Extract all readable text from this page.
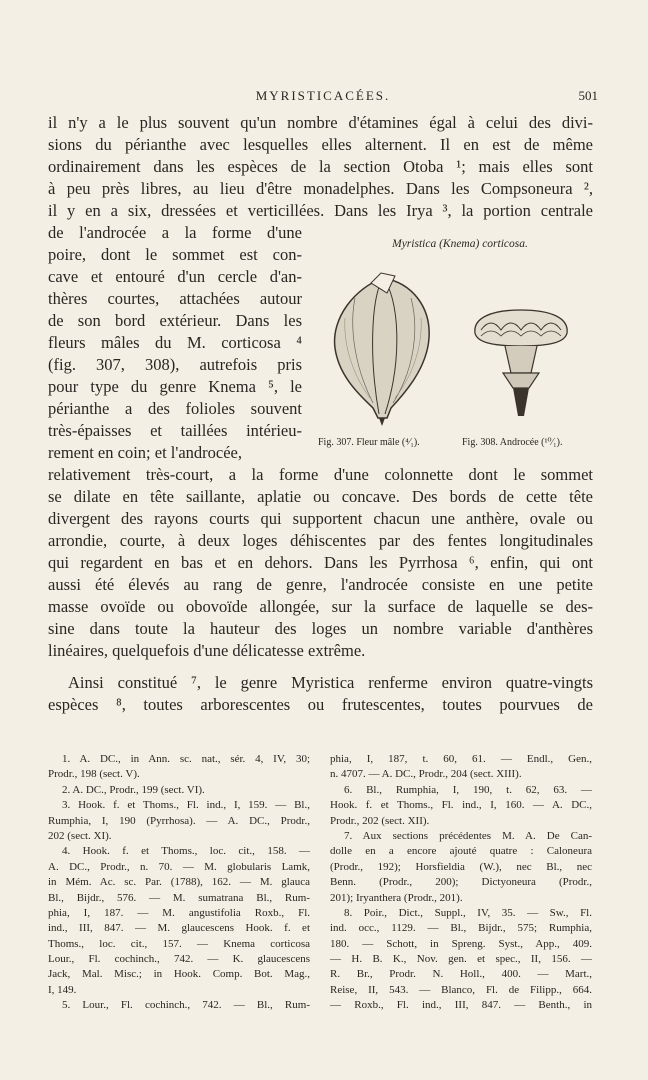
MYRISTICACÉES.	501
il n'y a le plus souvent qu'un nombre d'étamines égal à celui des divi-
sions du périanthe avec lesquelles elles alternent. Il en est de même
ordinairement dans les espèces de la section Otoba ¹; mais elles sont
à peu près libres, au lieu d'être monadelphes. Dans les Compsoneura ²,
il y en a six, dressées et verticillées. Dans les Irya ³, la portion centrale
de l'androcée a la forme d'une
poire, dont le sommet est con-
cave et entouré d'un cercle d'an-
thères courtes, attachées autour
de son bord extérieur. Dans les
fleurs mâles du M. corticosa ⁴
(fig. 307, 308), autrefois pris
pour type du genre Knema ⁵, le
périanthe a des folioles souvent
très-épaisses et taillées intérieu-
rement en coin; et l'androcée,
Myristica (Knema) corticosa.
Fig. 307. Fleur mâle (⁴⁄₁).	Fig. 308. Androcée (¹⁰⁄₁).
relativement très-court, a la forme d'une colonnette dont le sommet
se dilate en tête saillante, aplatie ou concave. Des bords de cette tête
divergent des rayons courts qui supportent chacun une anthère, ovale ou
arrondie, courte, à deux loges déhiscentes par des fentes longitudinales
qui regardent en bas et en dehors. Dans les Pyrrhosa ⁶, enfin, qui ont
aussi été élevés au rang de genre, l'androcée consiste en une petite
masse ovoïde ou obovoïde allongée, sur la surface de laquelle se des-
sine dans toute la hauteur des loges un nombre variable d'anthères
linéaires, quelquefois d'une délicatesse extrême.
Ainsi constitué ⁷, le genre Myristica renferme environ quatre-vingts
espèces ⁸, toutes arborescentes ou frutescentes, toutes pourvues de
1. A. DC., in Ann. sc. nat., sér. 4, IV, 30;
Prodr., 198 (sect. V).
2. A. DC., Prodr., 199 (sect. VI).
3. Hook. f. et Thoms., Fl. ind., I, 159. — Bl.,
Rumphia, I, 190 (Pyrrhosa). — A. DC., Prodr.,
202 (sect. XI).
4. Hook. f. et Thoms., loc. cit., 158. —
A. DC., Prodr., n. 70. — M. globularis Lamk,
in Mém. Ac. sc. Par. (1788), 162. — M. glauca
Bl., Bijdr., 576. — M. sumatrana Bl., Rum-
phia, I, 187. — M. angustifolia Roxb., Fl.
ind., III, 847. — M. glaucescens Hook. f. et
Thoms., loc. cit., 157. — Knema corticosa
Lour., Fl. cochinch., 742. — K. glaucescens
Jack, Mal. Misc.; in Hook. Comp. Bot. Mag.,
I, 149.
5. Lour., Fl. cochinch., 742. — Bl., Rum-
phia, I, 187, t. 60, 61. — Endl., Gen.,
n. 4707. — A. DC., Prodr., 204 (sect. XIII).
6. Bl., Rumphia, I, 190, t. 62, 63. —
Hook. f. et Thoms., Fl. ind., I, 160. — A. DC.,
Prodr., 202 (sect. XII).
7. Aux sections précédentes M. A. De Can-
dolle en a encore ajouté quatre : Caloneura
(Prodr., 192); Horsfieldia (W.), nec Bl., nec
Benn. (Prodr., 200); Dictyoneura (Prodr.,
201); Iryanthera (Prodr., 201).
8. Poir., Dict., Suppl., IV, 35. — Sw., Fl.
ind. occ., 1129. — Bl., Bijdr., 575; Rumphia,
180. — Schott, in Spreng. Syst., App., 409.
— H. B. K., Nov. gen. et spec., II, 156. —
R. Br., Prodr. N. Holl., 400. — Mart.,
Reise, II, 543. — Blanco, Fl. de Filipp., 664.
— Roxb., Fl. ind., III, 847. — Benth., in
